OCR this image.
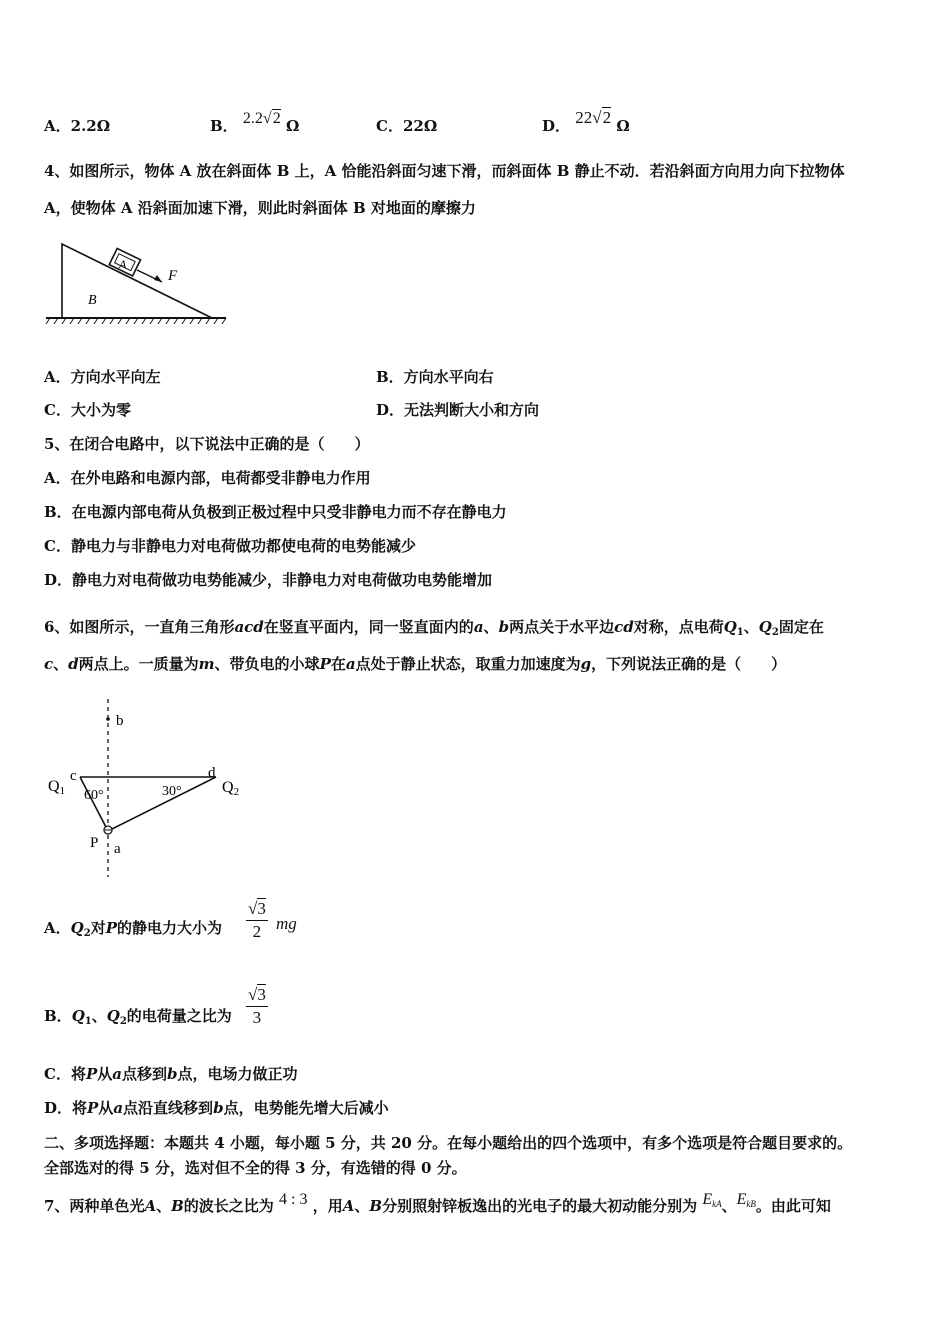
A．2.2Ω	B． 2.2√2 Ω	C．22Ω	D． 22√2 Ω
4、如图所示，物体 A 放在斜面体 B 上，A 恰能沿斜面匀速下滑，而斜面体 B 静止不动．若沿斜面方向用力向下拉物体
A，使物体 A 沿斜面加速下滑，则此时斜面体 B 对地面的摩擦力
A
F
B
A．方向水平向左	B．方向水平向右
C．大小为零	D．无法判断大小和方向
5、在闭合电路中，以下说法中正确的是（　　）
A．在外电路和电源内部，电荷都受非静电力作用
B．在电源内部电荷从负极到正极过程中只受非静电力而不存在静电力
C．静电力与非静电力对电荷做功都使电荷的电势能减少
D．静电力对电荷做功电势能减少，非静电力对电荷做功电势能增加
6、如图所示，一直角三角形acd在竖直平面内，同一竖直面内的a、b两点关于水平边cd对称，点电荷$Q_1$、$Q_2$固定在
c、d两点上。一质量为m、带负电的小球P在a点处于静止状态，取重力加速度为g，下列说法正确的是（　　）
b
c	d
Q1	Q2
60°	30°
P a
A．$Q_2$对P的静电力大小为 $\frac{√3}{2}$ mg
B．$Q_1$、$Q_2$的电荷量之比为 $\frac{√3}{3}$
C．将P从a点移到b点，电场力做正功
D．将P从a点沿直线移到b点，电势能先增大后减小
二、多项选择题：本题共 4 小题，每小题 5 分，共 20 分。在每小题给出的四个选项中，有多个选项是符合题目要求的。
全部选对的得 5 分，选对但不全的得 3 分，有选错的得 0 分。
7、两种单色光A、B的波长之比为 4 : 3 ，用A、B分别照射锌板逸出的光电子的最大初动能分别为 $E_{kA}$、$E_{kB}$。由此可知
